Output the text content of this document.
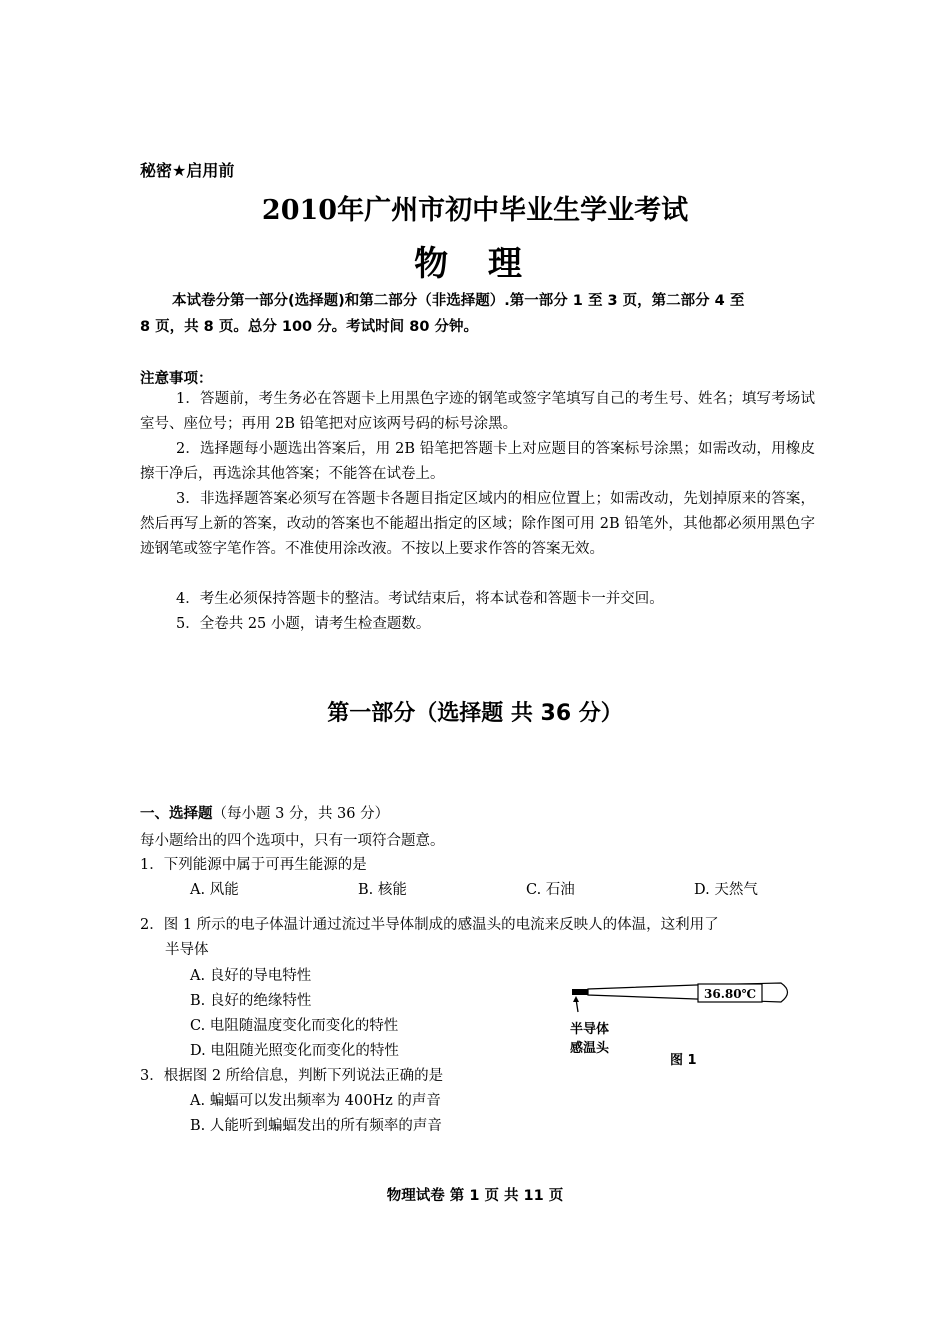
秘密★启用前
2010年广州市初中毕业生学业考试
物 理
本试卷分第一部分(选择题)和第二部分（非选择题）.第一部分 1 至 3 页，第二部分 4 至
8 页，共 8 页。总分 100 分。考试时间 80 分钟。
注意事项：
1．答题前，考生务必在答题卡上用黑色字迹的钢笔或签字笔填写自己的考生号、姓名；填写考场试室号、座位号；再用 2B 铅笔把对应该两号码的标号涂黑。
2．选择题每小题选出答案后，用 2B 铅笔把答题卡上对应题目的答案标号涂黑；如需改动，用橡皮擦干净后，再选涂其他答案；不能答在试卷上。
3．非选择题答案必须写在答题卡各题目指定区域内的相应位置上；如需改动，先划掉原来的答案，然后再写上新的答案，改动的答案也不能超出指定的区域；除作图可用 2B 铅笔外，其他都必须用黑色字迹钢笔或签字笔作答。不准使用涂改液。不按以上要求作答的答案无效。
4．考生必须保持答题卡的整洁。考试结束后，将本试卷和答题卡一并交回。
5．全卷共 25 小题，请考生检查题数。
第一部分（选择题 共 36 分）
一、选择题（每小题 3 分，共 36 分）
每小题给出的四个选项中，只有一项符合题意。
1．下列能源中属于可再生能源的是
A. 风能	B. 核能	C. 石油	D. 天然气
2．图 1 所示的电子体温计通过流过半导体制成的感温头的电流来反映人的体温，这利用了
半导体
A. 良好的导电特性
B. 良好的绝缘特性
C. 电阻随温度变化而变化的特性
D. 电阻随光照变化而变化的特性
36.80℃
半导体
感温头
图 1
3．根据图 2 所给信息，判断下列说法正确的是
A. 蝙蝠可以发出频率为 400Hz 的声音
B. 人能听到蝙蝠发出的所有频率的声音
物理试卷 第 1 页 共 11 页
